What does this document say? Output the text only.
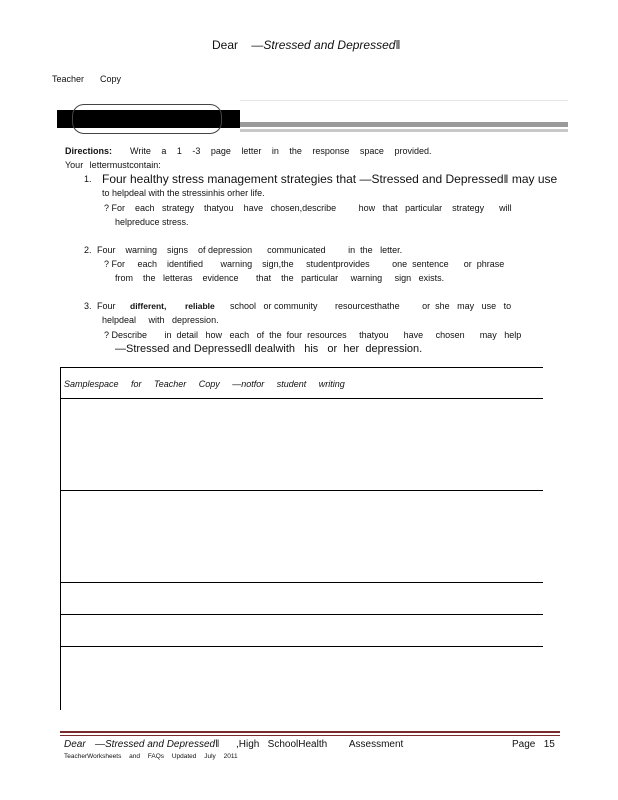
Dear —Stressed and Depressed‖
Teacher Copy
Directions: Write a 1 -3 page letter in the response space provided.
Your lettermustcontain:
1. Four healthy stress management strategies that —Stressed and Depressed‖ may use
to helpdeal with the stressinhis orher life.
? For    each   strategy    thatyou    have   chosen,describe         how   that   particular    strategy      will
helpreduce stress.
2. Four    warning    signs    of depression      communicated         in  the   letter.
? For     each    identified       warning    sign,the     studentprovides         one  sentence      or  phrase
from    the   letteras    evidence       that    the   particular     warning     sign   exists.
3. Four different, reliable school   or community       resourcesthathe         or  she   may   use   to
helpdeal     with   depression.
? Describe       in  detail   how   each   of  the  four  resources     thatyou      have     chosen      may   help
—Stressed and Depressed‖ dealwith   his   or  her  depression.
Samplespace for Teacher Copy —notfor student writing
Dear —Stressed and Depressed‖ ,High   SchoolHealth        Assessment	Page   15
TeacherWorksheets and FAQs Updated July 2011
